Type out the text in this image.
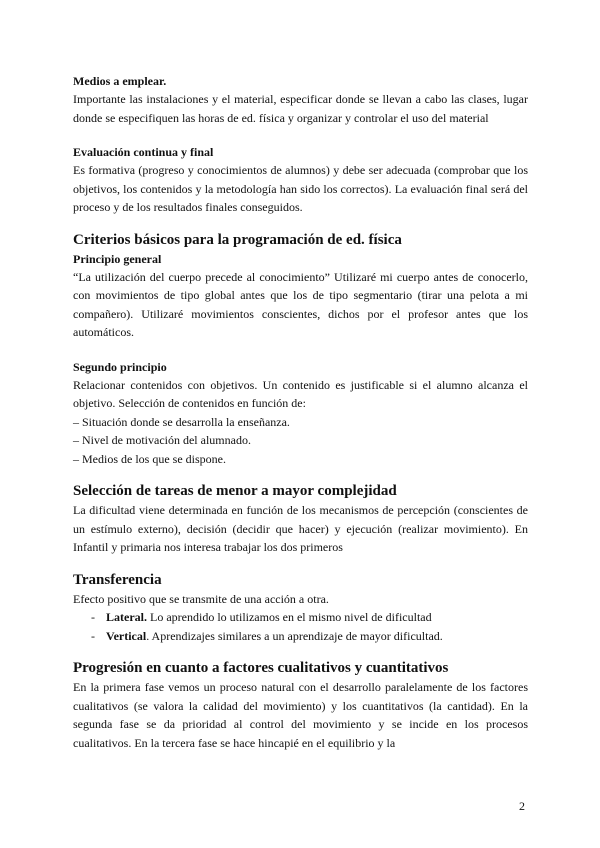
Medios a emplear.

Importante las instalaciones y el material, especificar donde se llevan a cabo las clases, lugar donde se especifiquen las horas de ed. física y organizar y controlar el uso del material

Evaluación continua y final

Es formativa (progreso y conocimientos de alumnos) y debe ser adecuada (comprobar que los objetivos, los contenidos y la metodología han sido los correctos). La evaluación final será del proceso y de los resultados finales conseguidos.

Criterios básicos para la programación de ed. física

Principio general

“La utilización del cuerpo precede al conocimiento” Utilizaré mi cuerpo antes de conocerlo, con movimientos de tipo global antes que los de tipo segmentario (tirar una pelota a mi compañero). Utilizaré movimientos conscientes, dichos por el profesor antes que los automáticos.

Segundo principio

Relacionar contenidos con objetivos. Un contenido es justificable si el alumno alcanza el objetivo. Selección de contenidos en función de:

– Situación donde se desarrolla la enseñanza.

– Nivel de motivación del alumnado.

– Medios de los que se dispone.

Selección de tareas de menor a mayor complejidad

La dificultad viene determinada en función de los mecanismos de percepción (conscientes de un estímulo externo), decisión (decidir que hacer) y ejecución (realizar movimiento). En Infantil y primaria nos interesa trabajar los dos primeros

Transferencia

Efecto positivo que se transmite de una acción a otra.

- Lateral. Lo aprendido lo utilizamos en el mismo nivel de dificultad
- Vertical. Aprendizajes similares a un aprendizaje de mayor dificultad.

Progresión en cuanto a factores cualitativos y cuantitativos

En la primera fase vemos un proceso natural con el desarrollo paralelamente de los factores cualitativos (se valora la calidad del movimiento) y los cuantitativos (la cantidad). En la segunda fase se da prioridad al control del movimiento y se incide en los procesos cualitativos. En la tercera fase se hace hincapié en el equilibrio y la

2
